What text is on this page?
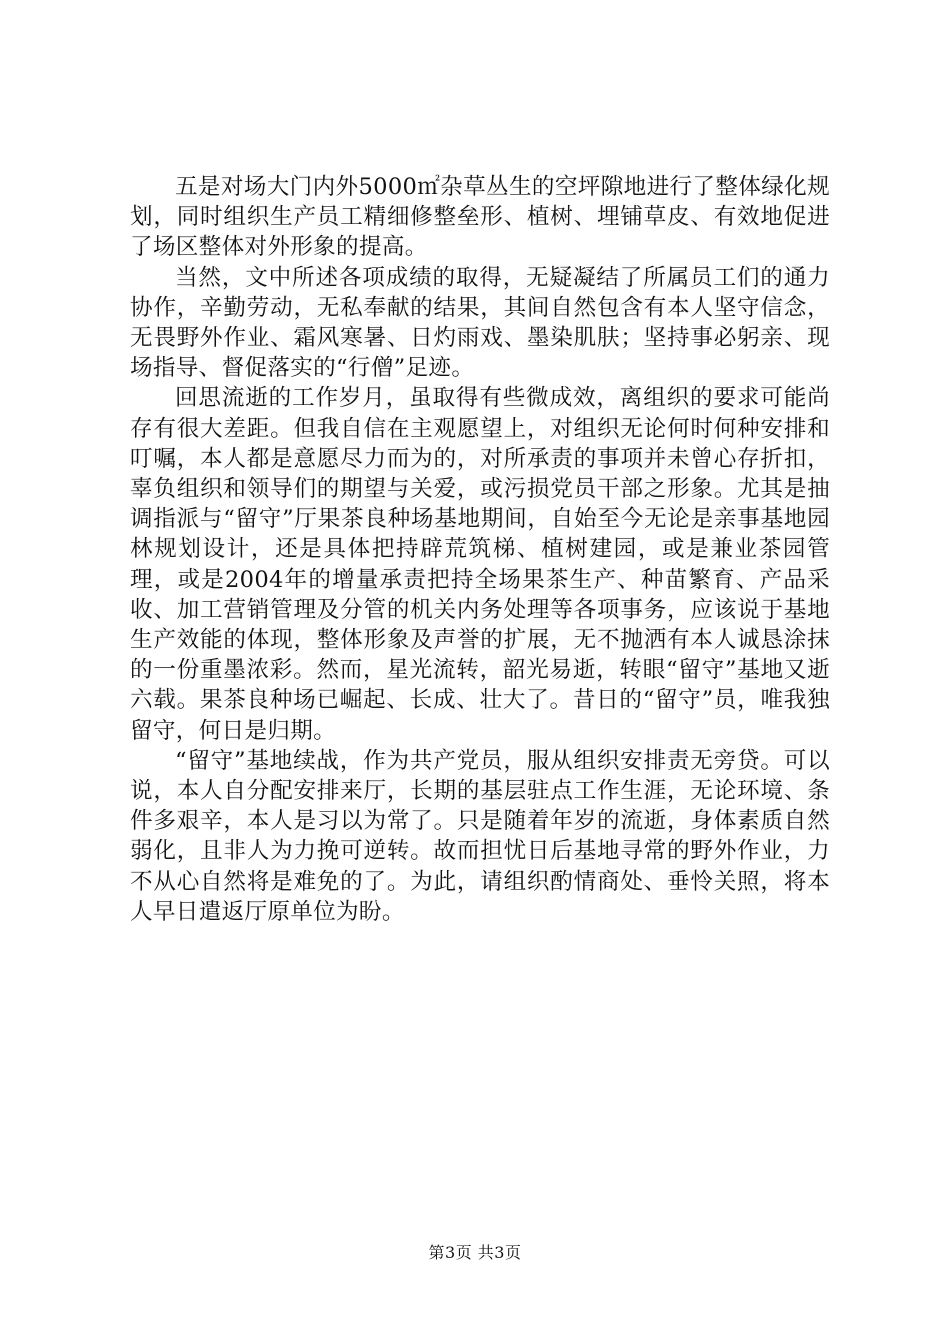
五是对场大门内外5000㎡杂草丛生的空坪隙地进行了整体绿化规划，同时组织生产员工精细修整垒形、植树、埋铺草皮、有效地促进了场区整体对外形象的提高。

当然，文中所述各项成绩的取得，无疑凝结了所属员工们的通力协作，辛勤劳动，无私奉献的结果，其间自然包含有本人坚守信念，无畏野外作业、霜风寒暑、日灼雨戏、墨染肌肤；坚持事必躬亲、现场指导、督促落实的“行僧”足迹。

回思流逝的工作岁月，虽取得有些微成效，离组织的要求可能尚存有很大差距。但我自信在主观愿望上，对组织无论何时何种安排和叮嘱，本人都是意愿尽力而为的，对所承责的事项并未曾心存折扣，辜负组织和领导们的期望与关爱，或污损党员干部之形象。尤其是抽调指派与“留守”厅果茶良种场基地期间，自始至今无论是亲事基地园林规划设计，还是具体把持辟荒筑梯、植树建园，或是兼业茶园管理，或是2004年的增量承责把持全场果茶生产、种苗繁育、产品采收、加工营销管理及分管的机关内务处理等各项事务，应该说于基地生产效能的体现，整体形象及声誉的扩展，无不抛洒有本人诚恳涂抹的一份重墨浓彩。然而，星光流转，韶光易逝，转眼“留守”基地又逝六载。果茶良种场已崛起、长成、壮大了。昔日的“留守”员，唯我独留守，何日是归期。

“留守”基地续战，作为共产党员，服从组织安排责无旁贷。可以说，本人自分配安排来厅，长期的基层驻点工作生涯，无论环境、条件多艰辛，本人是习以为常了。只是随着年岁的流逝，身体素质自然弱化，且非人为力挽可逆转。故而担忧日后基地寻常的野外作业，力不从心自然将是难免的了。为此，请组织酌情商处、垂怜关照，将本人早日遣返厅原单位为盼。

第3页 共3页
